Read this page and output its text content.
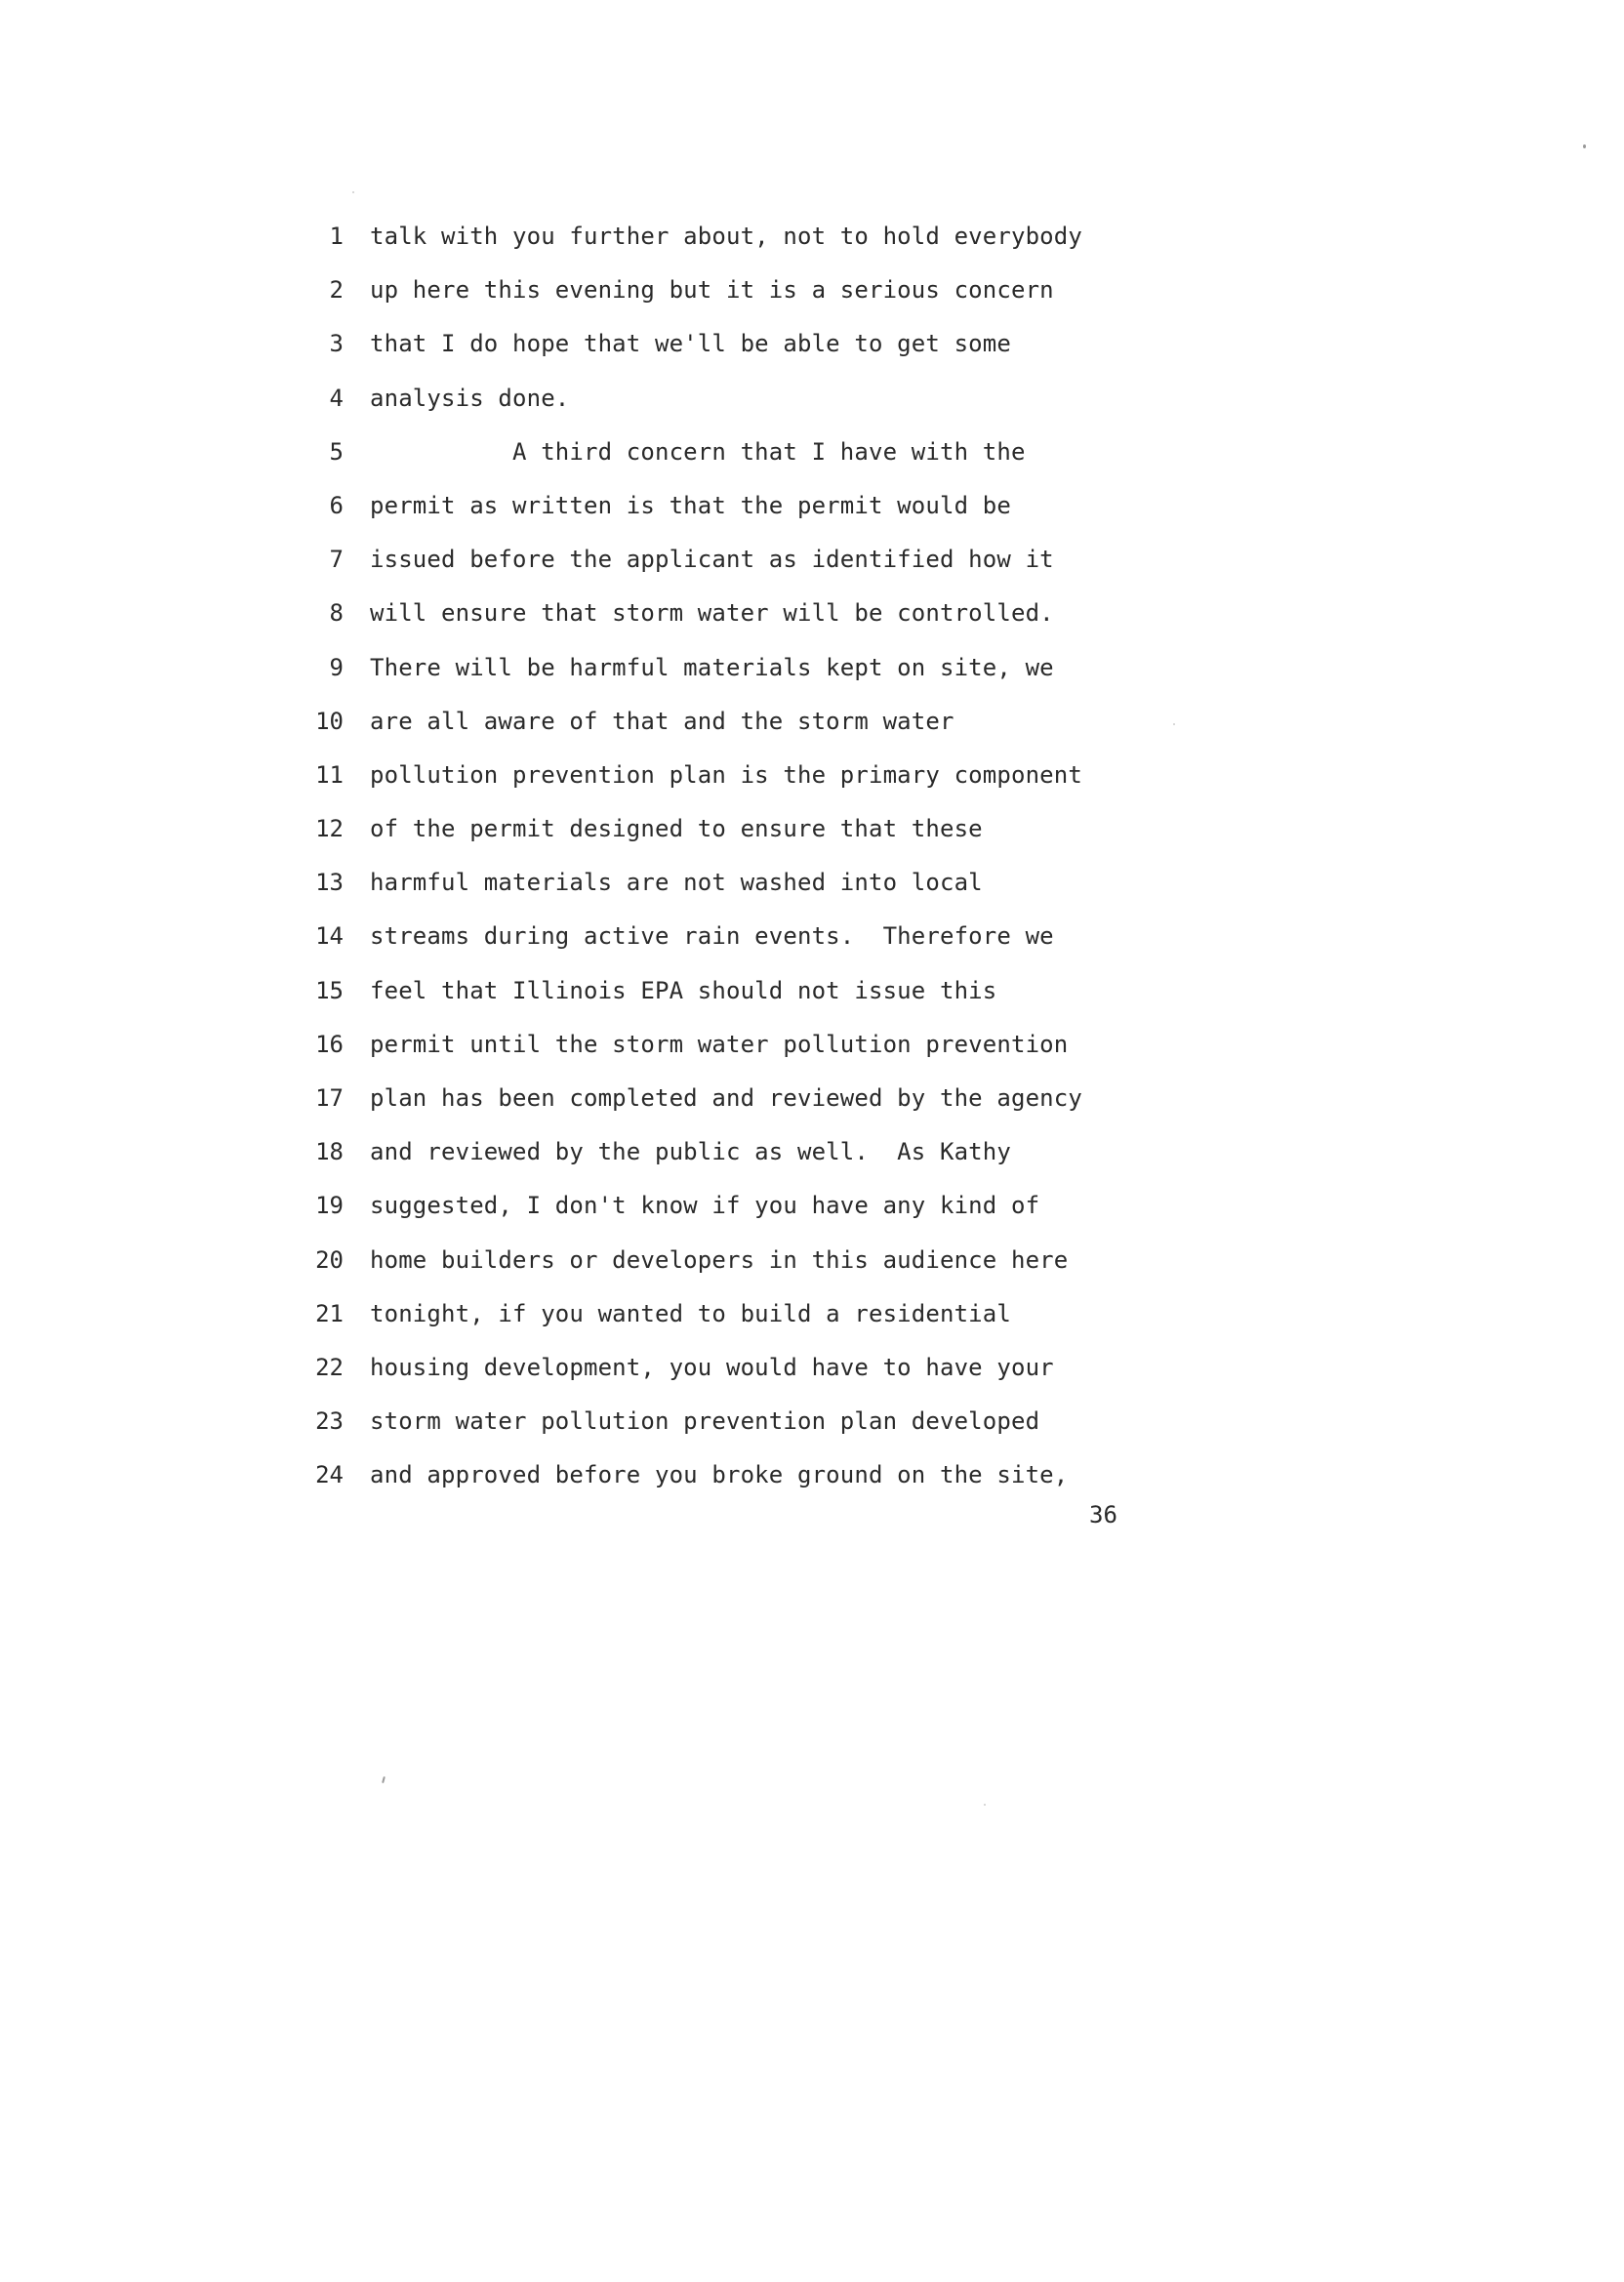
1 talk with you further about, not to hold everybody
2 up here this evening but it is a serious concern
3 that I do hope that we'll be able to get some
4 analysis done.
5 A third concern that I have with the
6 permit as written is that the permit would be
7 issued before the applicant as identified how it
8 will ensure that storm water will be controlled.
9 There will be harmful materials kept on site, we
10 are all aware of that and the storm water
11 pollution prevention plan is the primary component
12 of the permit designed to ensure that these
13 harmful materials are not washed into local
14 streams during active rain events.  Therefore we
15 feel that Illinois EPA should not issue this
16 permit until the storm water pollution prevention
17 plan has been completed and reviewed by the agency
18 and reviewed by the public as well.  As Kathy
19 suggested, I don't know if you have any kind of
20 home builders or developers in this audience here
21 tonight, if you wanted to build a residential
22 housing development, you would have to have your
23 storm water pollution prevention plan developed
24 and approved before you broke ground on the site,
36
